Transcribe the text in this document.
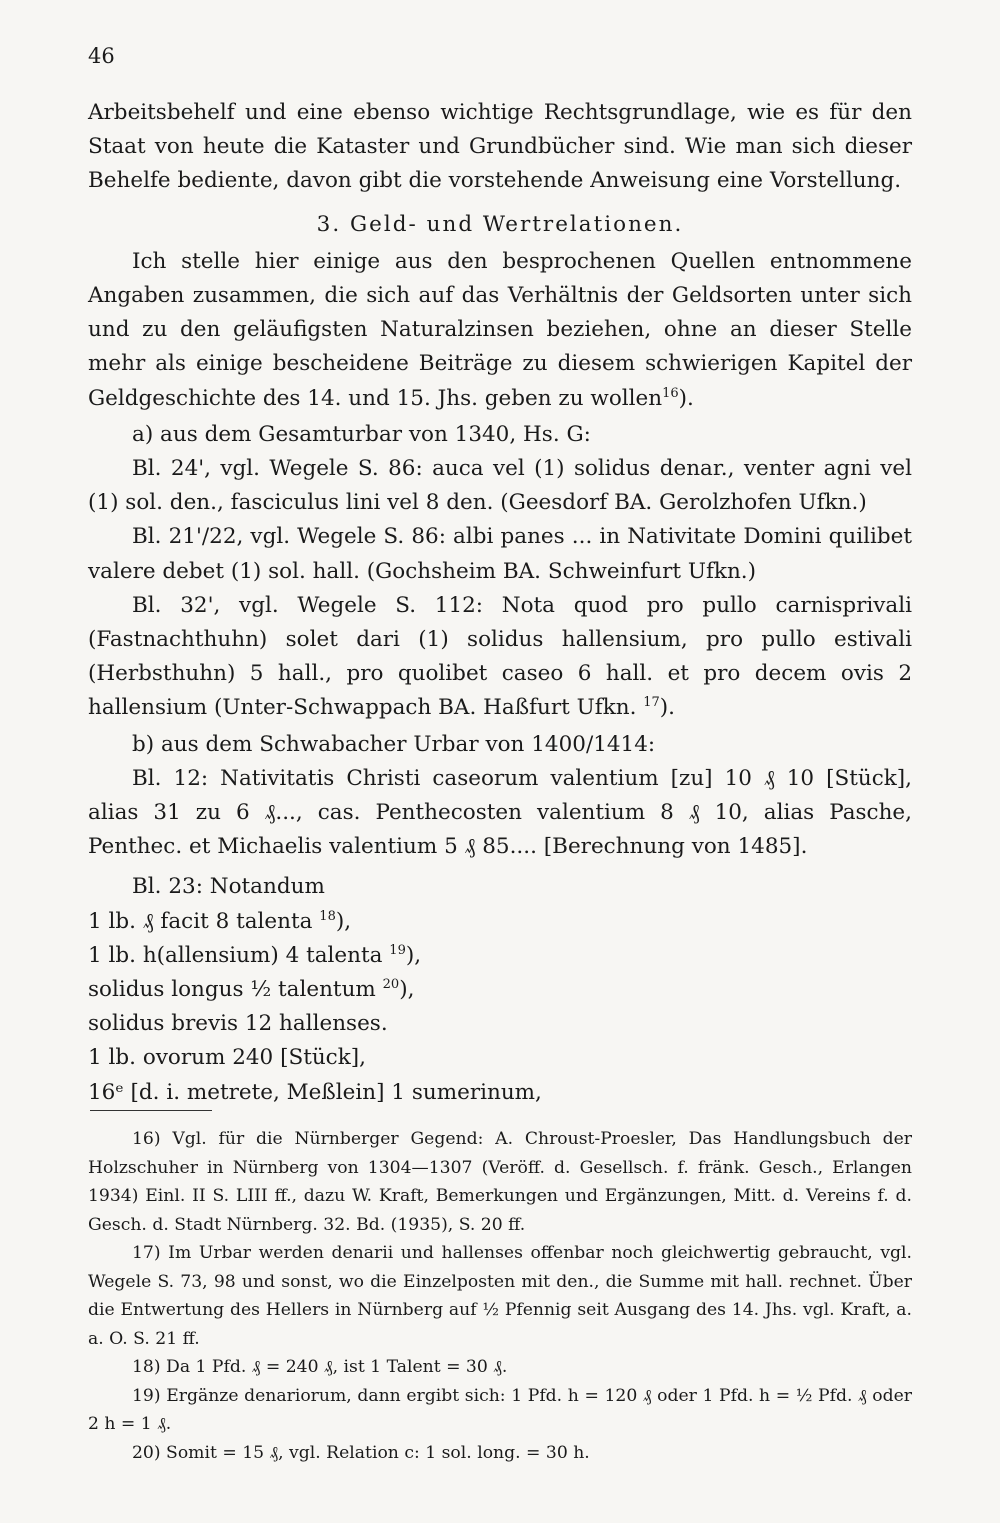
46

Arbeitsbehelf und eine ebenso wichtige Rechtsgrundlage, wie es für den Staat von heute die Kataster und Grundbücher sind. Wie man sich dieser Behelfe bediente, davon gibt die vorstehende Anweisung eine Vorstellung.

3. Geld- und Wertrelationen.

Ich stelle hier einige aus den besprochenen Quellen entnommene Angaben zusammen, die sich auf das Verhältnis der Geldsorten unter sich und zu den geläufigsten Naturalzinsen beziehen, ohne an dieser Stelle mehr als einige bescheidene Beiträge zu diesem schwierigen Kapitel der Geldgeschichte des 14. und 15. Jhs. geben zu wollen$^{16}$).

a) aus dem Gesamturbar von 1340, Hs. G:

Bl. 24', vgl. Wegele S. 86: auca vel (1) solidus denar., venter agni vel (1) sol. den., fasciculus lini vel 8 den. (Geesdorf BA. Gerolzhofen Ufkn.)

Bl. 21'/22, vgl. Wegele S. 86: albi panes ... in Nativitate Domini quilibet valere debet (1) sol. hall. (Gochsheim BA. Schweinfurt Ufkn.)

Bl. 32', vgl. Wegele S. 112: Nota quod pro pullo carnisprivali (Fastnachthuhn) solet dari (1) solidus hallensium, pro pullo estivali (Herbsthuhn) 5 hall., pro quolibet caseo 6 hall. et pro decem ovis 2 hallensium (Unter-Schwappach BA. Haßfurt Ufkn. $^{17}$).

b) aus dem Schwabacher Urbar von 1400/1414:

Bl. 12: Nativitatis Christi caseorum valentium [zu] 10 ₰ 10 [Stück], alias 31 zu 6 ₰..., cas. Penthecosten valentium 8 ₰ 10, alias Pasche, Penthec. et Michaelis valentium 5 ₰ 85.... [Berechnung von 1485].

Bl. 23: Notandum

1 lb. ₰ facit 8 talenta $^{18}$),

1 lb. h(allensium) 4 talenta $^{19}$),

solidus longus ½ talentum $^{20}$),

solidus brevis 12 hallenses.

1 lb. ovorum 240 [Stück],

16ᵉ [d. i. metrete, Meßlein] 1 sumerinum,

16) Vgl. für die Nürnberger Gegend: A. Chroust-Proesler, Das Handlungsbuch der Holzschuher in Nürnberg von 1304—1307 (Veröff. d. Gesellsch. f. fränk. Gesch., Erlangen 1934) Einl. II S. LIII ff., dazu W. Kraft, Bemerkungen und Ergänzungen, Mitt. d. Vereins f. d. Gesch. d. Stadt Nürnberg. 32. Bd. (1935), S. 20 ff.

17) Im Urbar werden denarii und hallenses offenbar noch gleichwertig gebraucht, vgl. Wegele S. 73, 98 und sonst, wo die Einzelposten mit den., die Summe mit hall. rechnet. Über die Entwertung des Hellers in Nürnberg auf ½ Pfennig seit Ausgang des 14. Jhs. vgl. Kraft, a. a. O. S. 21 ff.

18) Da 1 Pfd. ₰ = 240 ₰, ist 1 Talent = 30 ₰.

19) Ergänze denariorum, dann ergibt sich: 1 Pfd. h = 120 ₰ oder 1 Pfd. h = ½ Pfd. ₰ oder 2 h = 1 ₰.

20) Somit = 15 ₰, vgl. Relation c: 1 sol. long. = 30 h.
